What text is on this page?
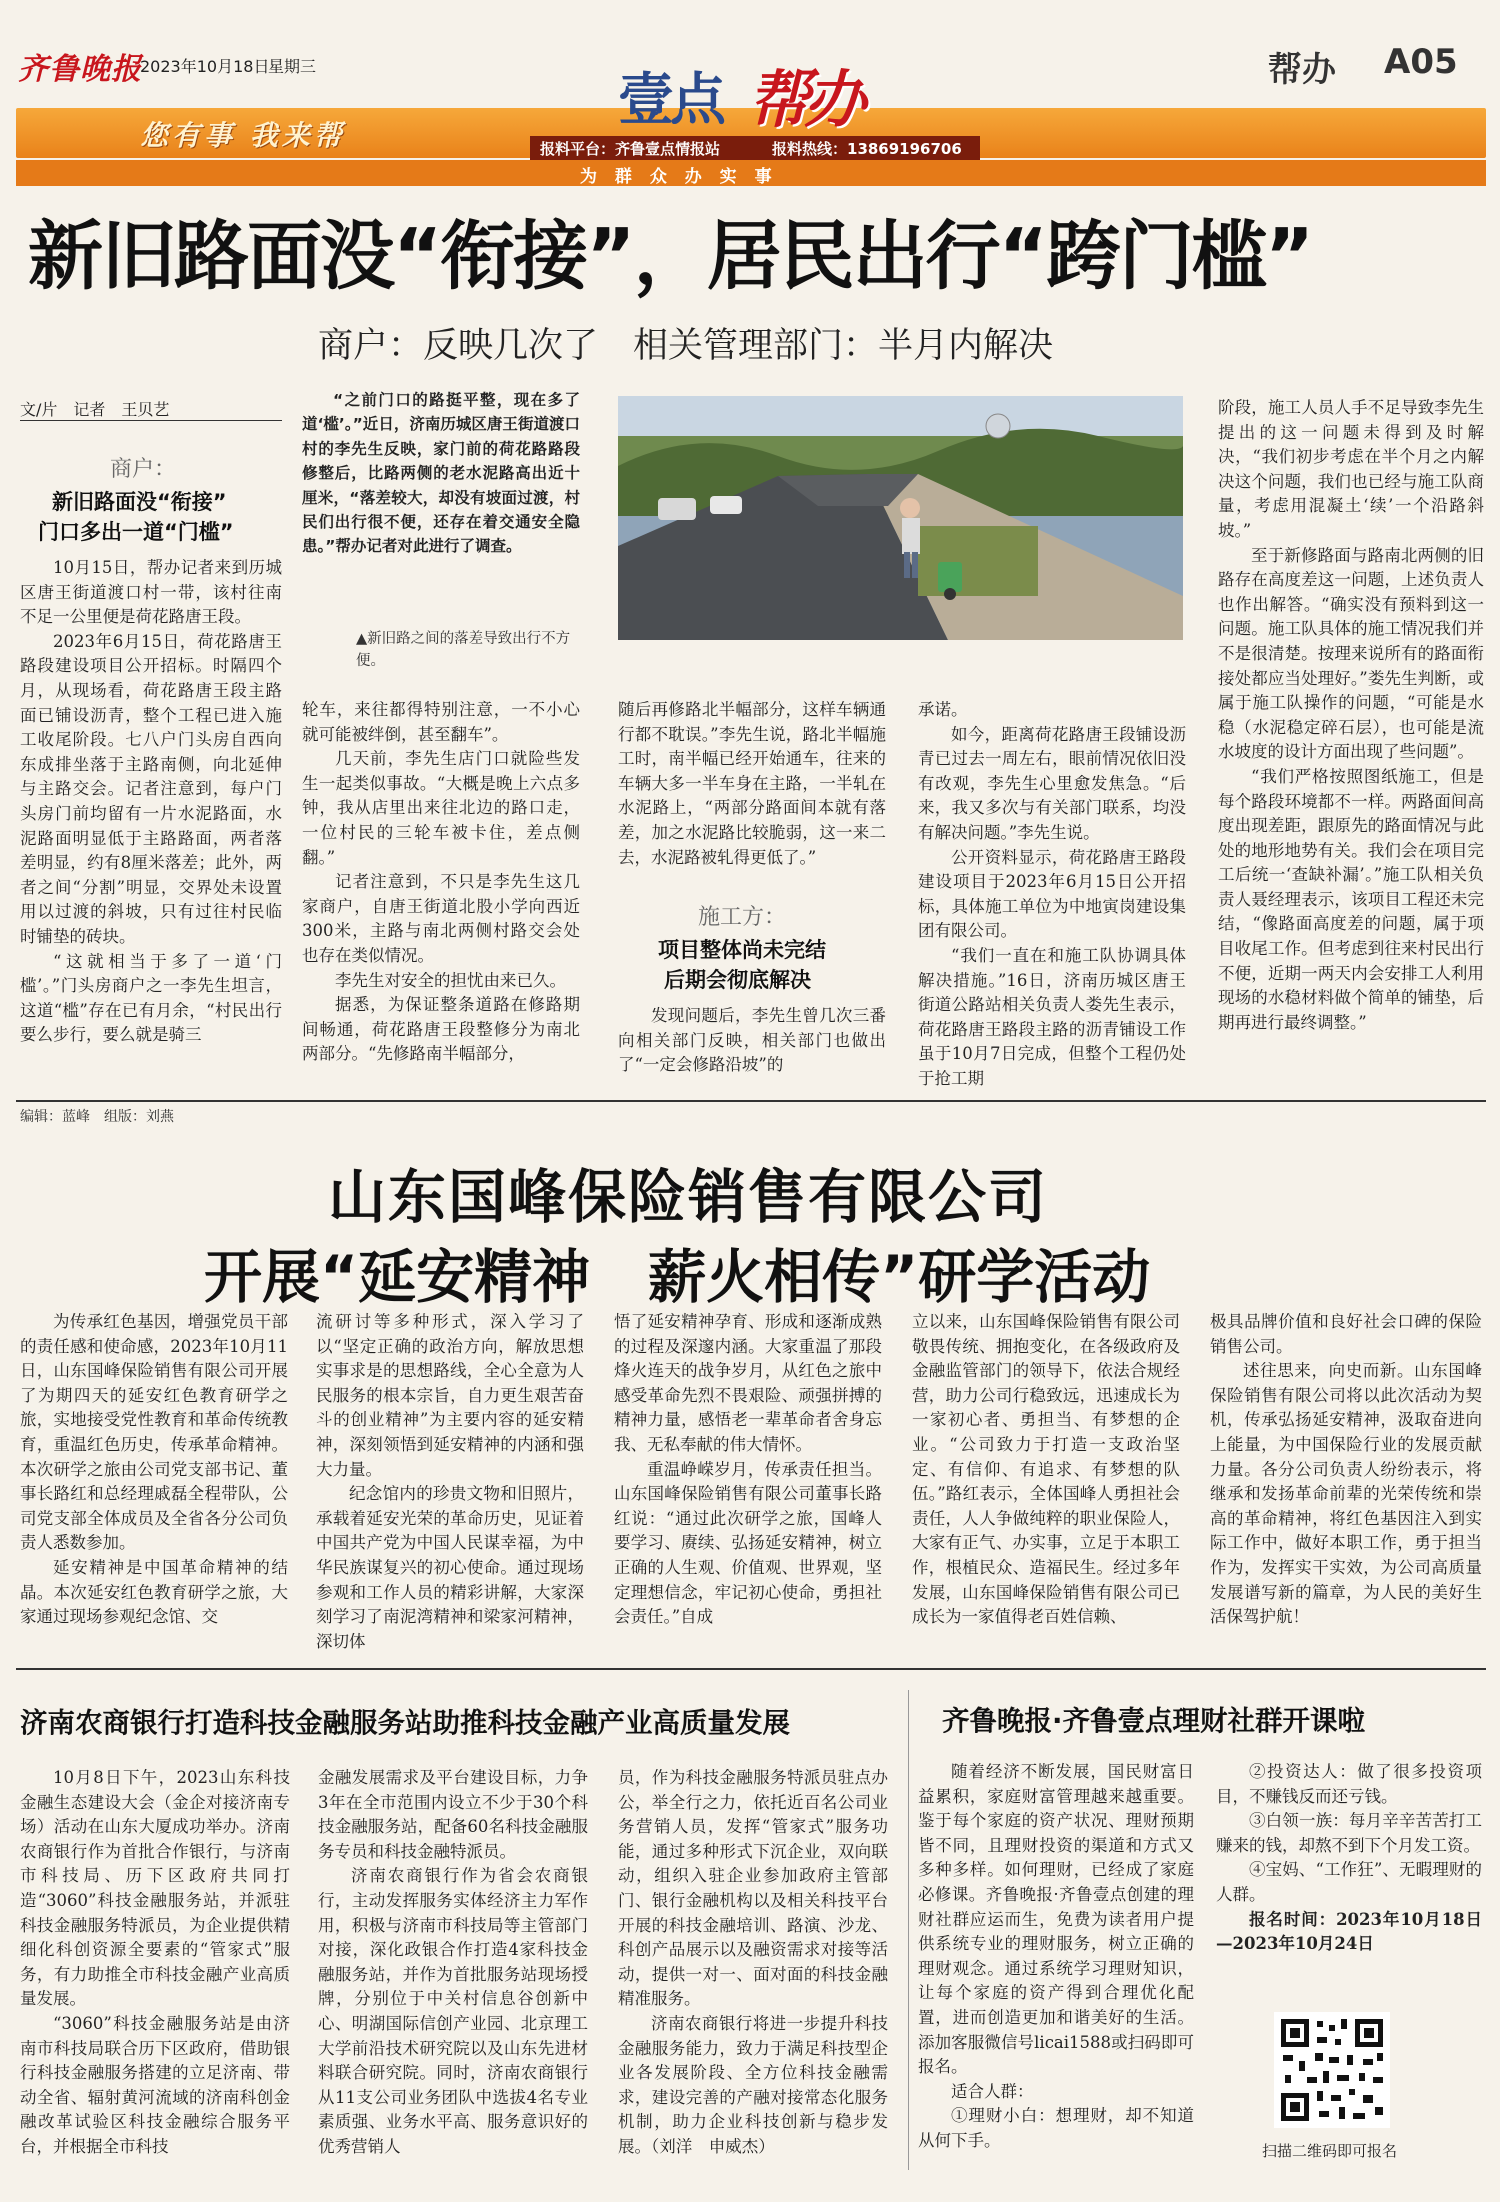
齐鲁晚报
2023年10月18日
星期三
您有事 我来帮
壹点 帮办
报料平台：齐鲁壹点情报站	报料热线：13869196706
为 群 众 办 实 事
帮办 A05
新旧路面没“衔接”，居民出行“跨门槛”
商户：反映几次了　相关管理部门：半月内解决
文/片　记者　王贝艺
商户：
新旧路面没“衔接”
门口多出一道“门槛”

10月15日，帮办记者来到历城区唐王街道渡口村一带，该村往南不足一公里便是荷花路唐王段。

2023年6月15日，荷花路唐王路段建设项目公开招标。时隔四个月，从现场看，荷花路唐王段主路面已铺设沥青，整个工程已进入施工收尾阶段。七八户门头房自西向东成排坐落于主路南侧，向北延伸与主路交会。记者注意到，每户门头房门前均留有一片水泥路面，水泥路面明显低于主路路面，两者落差明显，约有8厘米落差；此外，两者之间“分割”明显，交界处未设置用以过渡的斜坡，只有过往村民临时铺垫的砖块。

“这就相当于多了一道‘门槛’。”门头房商户之一李先生坦言，这道“槛”存在已有月余，“村民出行要么步行，要么就是骑三

“之前门口的路挺平整，现在多了道‘槛’。”近日，济南历城区唐王街道渡口村的李先生反映，家门前的荷花路路段修整后，比路两侧的老水泥路高出近十厘米，“落差较大，却没有坡面过渡，村民们出行很不便，还存在着交通安全隐患。”帮办记者对此进行了调查。

▲新旧路之间的落差导致出行不方便。

轮车，来往都得特别注意，一不小心就可能被绊倒，甚至翻车”。

几天前，李先生店门口就险些发生一起类似事故。“大概是晚上六点多钟，我从店里出来往北边的路口走，一位村民的三轮车被卡住，差点侧翻。”

记者注意到，不只是李先生这几家商户，自唐王街道北股小学向西近300米，主路与南北两侧村路交会处也存在类似情况。

李先生对安全的担忧由来已久。

据悉，为保证整条道路在修路期间畅通，荷花路唐王段整修分为南北两部分。“先修路南半幅部分，

随后再修路北半幅部分，这样车辆通行都不耽误。”李先生说，路北半幅施工时，南半幅已经开始通车，往来的车辆大多一半车身在主路，一半轧在水泥路上，“两部分路面间本就有落差，加之水泥路比较脆弱，这一来二去，水泥路被轧得更低了。”

施工方：
项目整体尚未完结
后期会彻底解决

发现问题后，李先生曾几次三番向相关部门反映，相关部门也做出了“一定会修路沿坡”的

承诺。

如今，距离荷花路唐王段铺设沥青已过去一周左右，眼前情况依旧没有改观，李先生心里愈发焦急。“后来，我又多次与有关部门联系，均没有解决问题。”李先生说。

公开资料显示，荷花路唐王路段建设项目于2023年6月15日公开招标，具体施工单位为中地寅岗建设集团有限公司。

“我们一直在和施工队协调具体解决措施。”16日，济南历城区唐王街道公路站相关负责人娄先生表示，荷花路唐王路段主路的沥青铺设工作虽于10月7日完成，但整个工程仍处于抢工期

阶段，施工人员人手不足导致李先生提出的这一问题未得到及时解决，“我们初步考虑在半个月之内解决这个问题，我们也已经与施工队商量，考虑用混凝土‘续’一个沿路斜坡。”

至于新修路面与路南北两侧的旧路存在高度差这一问题，上述负责人也作出解答。“确实没有预料到这一问题。施工队具体的施工情况我们并不是很清楚。按理来说所有的路面衔接处都应当处理好。”娄先生判断，或属于施工队操作的问题，“可能是水稳（水泥稳定碎石层），也可能是流水坡度的设计方面出现了些问题”。

“我们严格按照图纸施工，但是每个路段环境都不一样。两路面间高度出现差距，跟原先的路面情况与此处的地形地势有关。我们会在项目完工后统一‘查缺补漏’。”施工队相关负责人聂经理表示，该项目工程还未完结，“像路面高度差的问题，属于项目收尾工作。但考虑到往来村民出行不便，近期一两天内会安排工人利用现场的水稳材料做个简单的铺垫，后期再进行最终调整。”

编辑：蓝峰　组版：刘燕
山东国峰保险销售有限公司
开展“延安精神　薪火相传”研学活动

为传承红色基因，增强党员干部的责任感和使命感，2023年10月11日，山东国峰保险销售有限公司开展了为期四天的延安红色教育研学之旅，实地接受党性教育和革命传统教育，重温红色历史，传承革命精神。本次研学之旅由公司党支部书记、董事长路红和总经理戚磊全程带队，公司党支部全体成员及全省各分公司负责人悉数参加。

延安精神是中国革命精神的结晶。本次延安红色教育研学之旅，大家通过现场参观纪念馆、交

流研讨等多种形式，深入学习了以“坚定正确的政治方向，解放思想实事求是的思想路线，全心全意为人民服务的根本宗旨，自力更生艰苦奋斗的创业精神”为主要内容的延安精神，深刻领悟到延安精神的内涵和强大力量。

纪念馆内的珍贵文物和旧照片，承载着延安光荣的革命历史，见证着中国共产党为中国人民谋幸福，为中华民族谋复兴的初心使命。通过现场参观和工作人员的精彩讲解，大家深刻学习了南泥湾精神和梁家河精神，深切体

悟了延安精神孕育、形成和逐渐成熟的过程及深邃内涵。大家重温了那段烽火连天的战争岁月，从红色之旅中感受革命先烈不畏艰险、顽强拼搏的精神力量，感悟老一辈革命者舍身忘我、无私奉献的伟大情怀。

重温峥嵘岁月，传承责任担当。山东国峰保险销售有限公司董事长路红说：“通过此次研学之旅，国峰人要学习、赓续、弘扬延安精神，树立正确的人生观、价值观、世界观，坚定理想信念，牢记初心使命，勇担社会责任。”自成

立以来，山东国峰保险销售有限公司敬畏传统、拥抱变化，在各级政府及金融监管部门的领导下，依法合规经营，助力公司行稳致远，迅速成长为一家初心者、勇担当、有梦想的企业。“公司致力于打造一支政治坚定、有信仰、有追求、有梦想的队伍。”路红表示，全体国峰人勇担社会责任，人人争做纯粹的职业保险人，大家有正气、办实事，立足于本职工作，根植民众、造福民生。经过多年发展，山东国峰保险销售有限公司已成长为一家值得老百姓信赖、

极具品牌价值和良好社会口碑的保险销售公司。

述往思来，向史而新。山东国峰保险销售有限公司将以此次活动为契机，传承弘扬延安精神，汲取奋进向上能量，为中国保险行业的发展贡献力量。各分公司负责人纷纷表示，将继承和发扬革命前辈的光荣传统和崇高的革命精神，将红色基因注入到实际工作中，做好本职工作，勇于担当作为，发挥实干实效，为公司高质量发展谱写新的篇章，为人民的美好生活保驾护航！

济南农商银行打造科技金融服务站助推科技金融产业高质量发展

10月8日下午，2023山东科技金融生态建设大会（金企对接济南专场）活动在山东大厦成功举办。济南农商银行作为首批合作银行，与济南市科技局、历下区政府共同打造“3060”科技金融服务站，并派驻科技金融服务特派员，为企业提供精细化科创资源全要素的“管家式”服务，有力助推全市科技金融产业高质量发展。

“3060”科技金融服务站是由济南市科技局联合历下区政府，借助银行科技金融服务搭建的立足济南、带动全省、辐射黄河流域的济南科创金融改革试验区科技金融综合服务平台，并根据全市科技

金融发展需求及平台建设目标，力争3年在全市范围内设立不少于30个科技金融服务站，配备60名科技金融服务专员和科技金融特派员。

济南农商银行作为省会农商银行，主动发挥服务实体经济主力军作用，积极与济南市科技局等主管部门对接，深化政银合作打造4家科技金融服务站，并作为首批服务站现场授牌，分别位于中关村信息谷创新中心、明湖国际信创产业园、北京理工大学前沿技术研究院以及山东先进材料联合研究院。同时，济南农商银行从11支公司业务团队中选拔4名专业素质强、业务水平高、服务意识好的优秀营销人

员，作为科技金融服务特派员驻点办公，举全行之力，依托近百名公司业务营销人员，发挥“管家式”服务功能，通过多种形式下沉企业，双向联动，组织入驻企业参加政府主管部门、银行金融机构以及相关科技平台开展的科技金融培训、路演、沙龙、科创产品展示以及融资需求对接等活动，提供一对一、面对面的科技金融精准服务。

济南农商银行将进一步提升科技金融服务能力，致力于满足科技型企业各发展阶段、全方位科技金融需求，建设完善的产融对接常态化服务机制，助力企业科技创新与稳步发展。（刘洋　申威杰）

齐鲁晚报·齐鲁壹点理财社群开课啦

随着经济不断发展，国民财富日益累积，家庭财富管理越来越重要。鉴于每个家庭的资产状况、理财预期皆不同，且理财投资的渠道和方式又多种多样。如何理财，已经成了家庭必修课。齐鲁晚报·齐鲁壹点创建的理财社群应运而生，免费为读者用户提供系统专业的理财服务，树立正确的理财观念。通过系统学习理财知识，让每个家庭的资产得到合理优化配置，进而创造更加和谐美好的生活。添加客服微信号licai1588或扫码即可报名。

适合人群：

①理财小白：想理财，却不知道从何下手。

②投资达人：做了很多投资项目，不赚钱反而还亏钱。

③白领一族：每月辛辛苦苦打工赚来的钱，却熬不到下个月发工资。

④宝妈、“工作狂”、无暇理财的人群。

报名时间：2023年10月18日—2023年10月24日

扫描二维码即可报名
